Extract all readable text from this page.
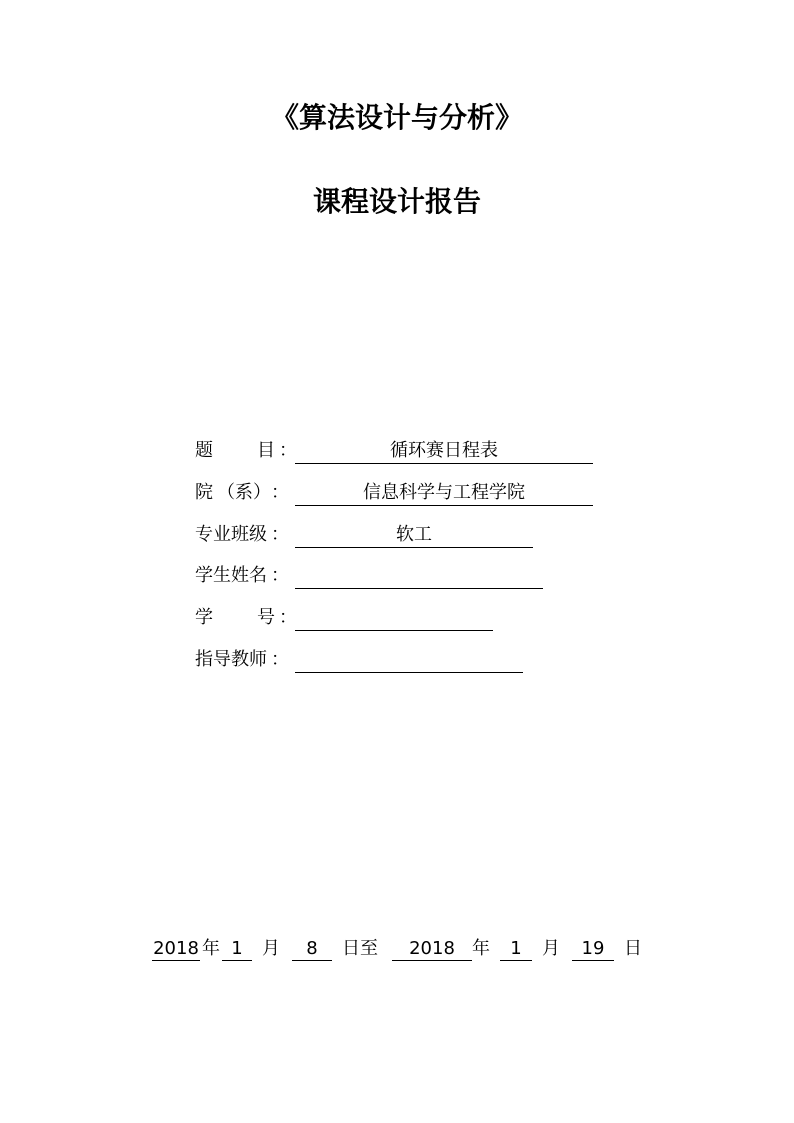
《算法设计与分析》
课程设计报告
题 目 ：	循环赛日程表
院 （系） ：	信息科学与工程学院
专业班级 ：	软工
学生姓名 ：
学 号 ：
指导教师 ：
2018 年 1	月	8	日至	2018 年	1	月	19	日
